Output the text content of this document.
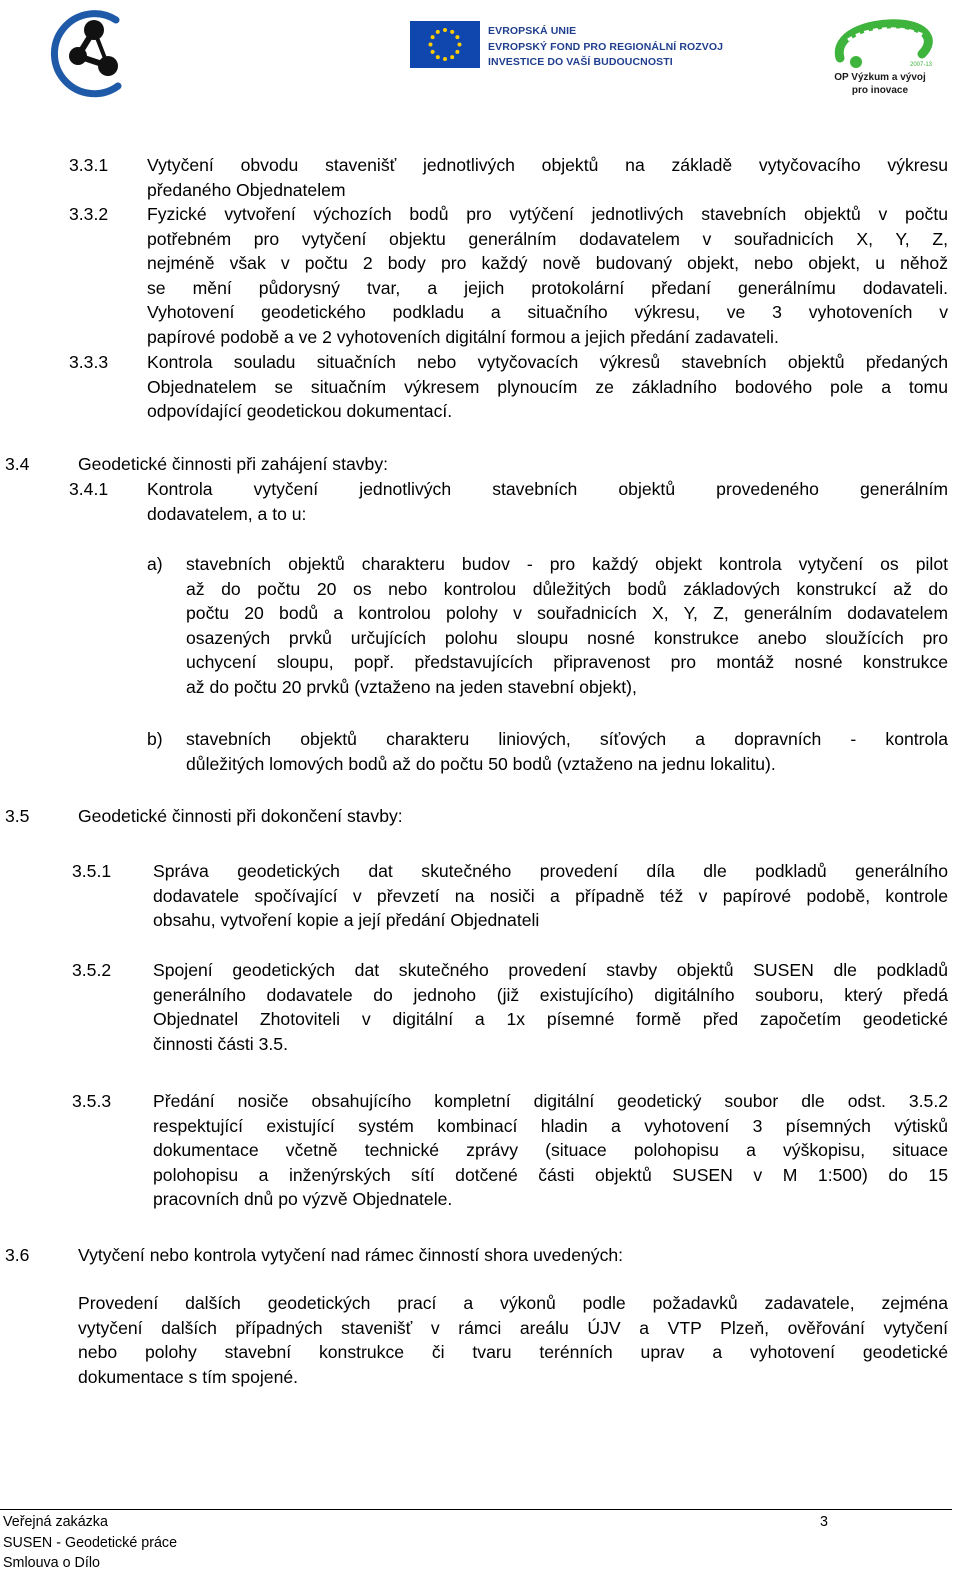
EVROPSKÁ UNIE
EVROPSKÝ FOND PRO REGIONÁLNÍ ROZVOJ
INVESTICE DO VAŠÍ BUDOUCNOSTI	2007-13
OP Výzkum a vývoj
pro inovace
3.3.1 Vytyčení obvodu stavenišť jednotlivých objektů na základě vytyčovacího výkresu
předaného Objednatelem
3.3.2 Fyzické vytvoření výchozích bodů pro vytýčení jednotlivých stavebních objektů v počtu
potřebném pro vytyčení objektu generálním dodavatelem v souřadnicích X, Y, Z,
nejméně však v počtu 2 body pro každý nově budovaný objekt, nebo objekt, u něhož
se mění půdorysný tvar, a jejich protokolární předaní generálnímu dodavateli.
Vyhotovení geodetického podkladu a situačního výkresu, ve 3 vyhotoveních v
papírové podobě a ve 2 vyhotoveních digitální formou a jejich předání zadavateli.
3.3.3 Kontrola souladu situačních nebo vytyčovacích výkresů stavebních objektů předaných
Objednatelem se situačním výkresem plynoucím ze základního bodového pole a tomu
odpovídající geodetickou dokumentací.
3.4	Geodetické činnosti při zahájení stavby:
3.4.1 Kontrola vytyčení jednotlivých stavebních objektů provedeného generálním
dodavatelem, a to u:
a) stavebních objektů charakteru budov - pro každý objekt kontrola vytyčení os pilot
až do počtu 20 os nebo kontrolou důležitých bodů základových konstrukcí až do
počtu 20 bodů a kontrolou polohy v souřadnicích X, Y, Z, generálním dodavatelem
osazených prvků určujících polohu sloupu nosné konstrukce anebo sloužících pro
uchycení sloupu, popř. představujících připravenost pro montáž nosné konstrukce
až do počtu 20 prvků (vztaženo na jeden stavební objekt),
b) stavebních objektů charakteru liniových, síťových a dopravních - kontrola
důležitých lomových bodů až do počtu 50 bodů (vztaženo na jednu lokalitu).
3.5	Geodetické činnosti při dokončení stavby:
3.5.1 Správa geodetických dat skutečného provedení díla dle podkladů generálního
dodavatele spočívající v převzetí na nosiči a případně též v papírové podobě, kontrole
obsahu, vytvoření kopie a její předání Objednateli
3.5.2 Spojení geodetických dat skutečného provedení stavby objektů SUSEN dle podkladů
generálního dodavatele do jednoho (již existujícího) digitálního souboru, který předá
Objednatel Zhotoviteli v digitální a 1x písemné formě před započetím geodetické
činnosti části 3.5.
3.5.3 Předání nosiče obsahujícího kompletní digitální geodetický soubor dle odst. 3.5.2
respektující existující systém kombinací hladin a vyhotovení 3 písemných výtisků
dokumentace včetně technické zprávy (situace polohopisu a výškopisu, situace
polohopisu a inženýrských sítí dotčené části objektů SUSEN v M 1:500) do 15
pracovních dnů po výzvě Objednatele.
3.6	Vytyčení nebo kontrola vytyčení nad rámec činností shora uvedených:
Provedení dalších geodetických prací a výkonů podle požadavků zadavatele, zejména
vytyčení dalších případných stavenišť v rámci areálu ÚJV a VTP Plzeň, ověřování vytyčení
nebo polohy stavební konstrukce či tvaru terénních uprav a vyhotovení geodetické
dokumentace s tím spojené.
Veřejná zakázka
SUSEN - Geodetické práce
Smlouva o Dílo
3
